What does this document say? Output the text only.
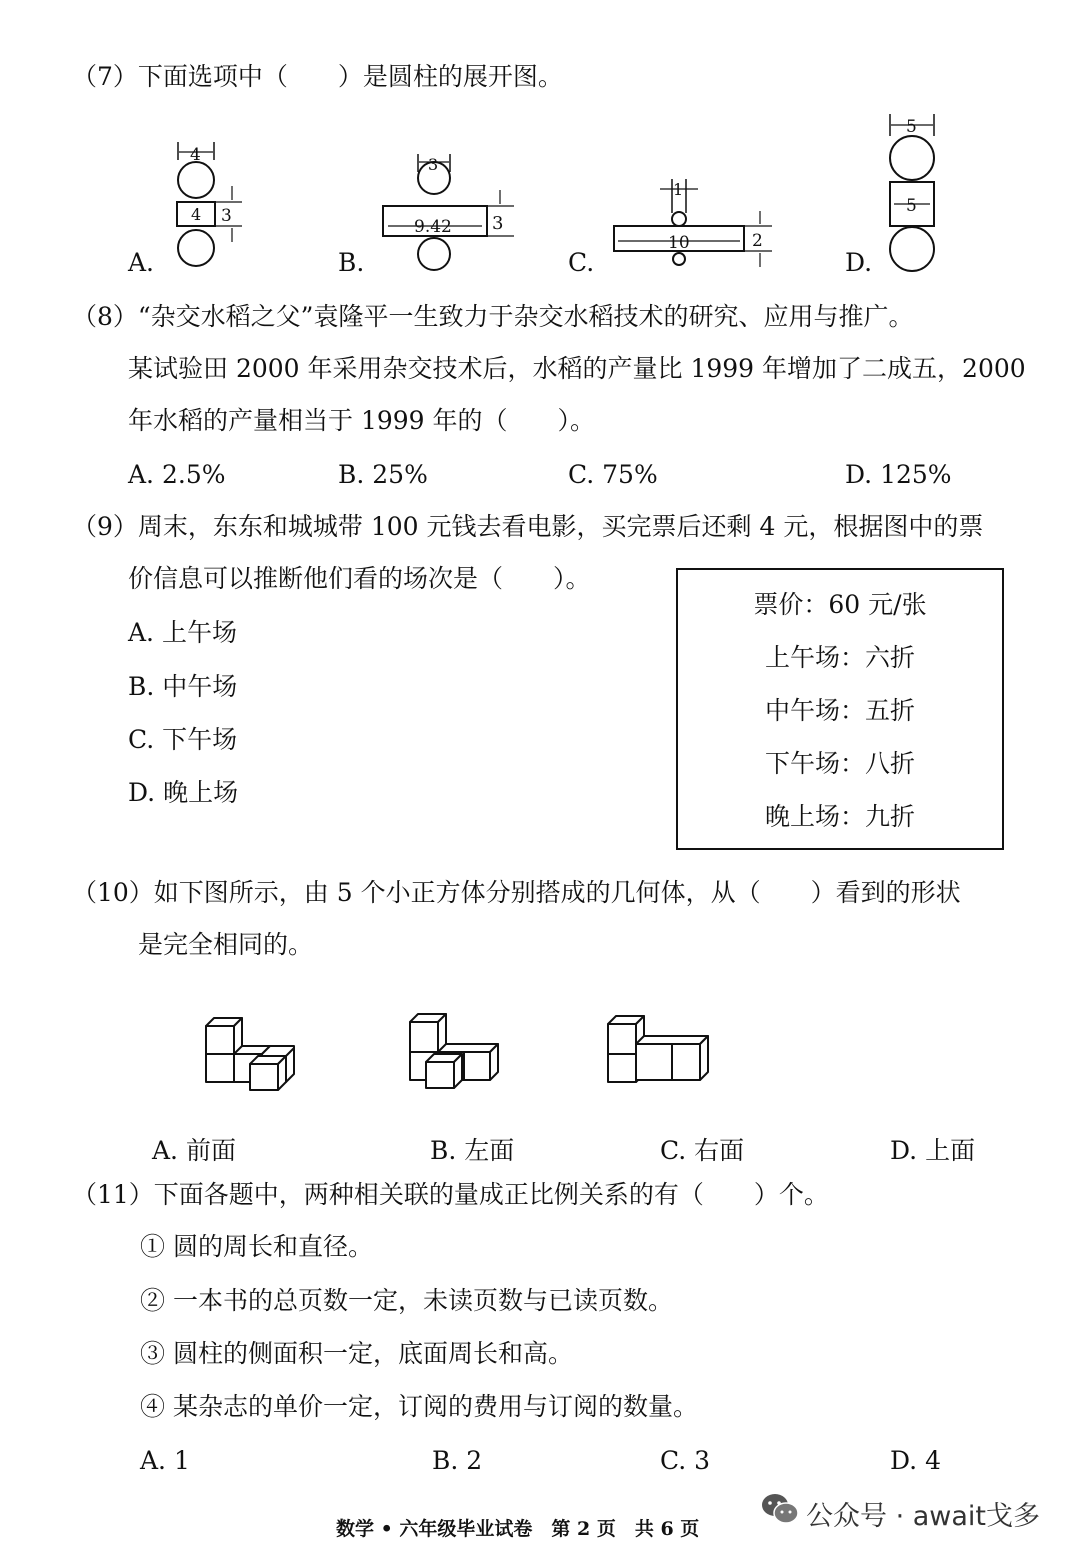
（7）下面选项中（　　）是圆柱的展开图。
A.
4
4 3
B.
3
9.42 3
C.
1
10	2
D.
5
5
（8）“杂交水稻之父”袁隆平一生致力于杂交水稻技术的研究、应用与推广。
某试验田 2000 年采用杂交技术后，水稻的产量比 1999 年增加了二成五，2000
年水稻的产量相当于 1999 年的（　　）。
A. 2.5%	B. 25%	C. 75%	D. 125%
（9）周末，东东和城城带 100 元钱去看电影，买完票后还剩 4 元，根据图中的票
价信息可以推断他们看的场次是（　　）。
A. 上午场
B. 中午场
C. 下午场
D. 晚上场
票价：60 元/张
上午场：六折
中午场：五折
下午场：八折
晚上场：九折
（10）如下图所示，由 5 个小正方体分别搭成的几何体，从（　　）看到的形状
是完全相同的。
A. 前面	B. 左面	C. 右面	D. 上面
（11）下面各题中，两种相关联的量成正比例关系的有（　　）个。
① 圆的周长和直径。
② 一本书的总页数一定，未读页数与已读页数。
③ 圆柱的侧面积一定，底面周长和高。
④ 某杂志的单价一定，订阅的费用与订阅的数量。
A. 1	B. 2	C. 3	D. 4
数学 • 六年级毕业试卷　第 2 页　共 6 页	公众号 · await戈多
